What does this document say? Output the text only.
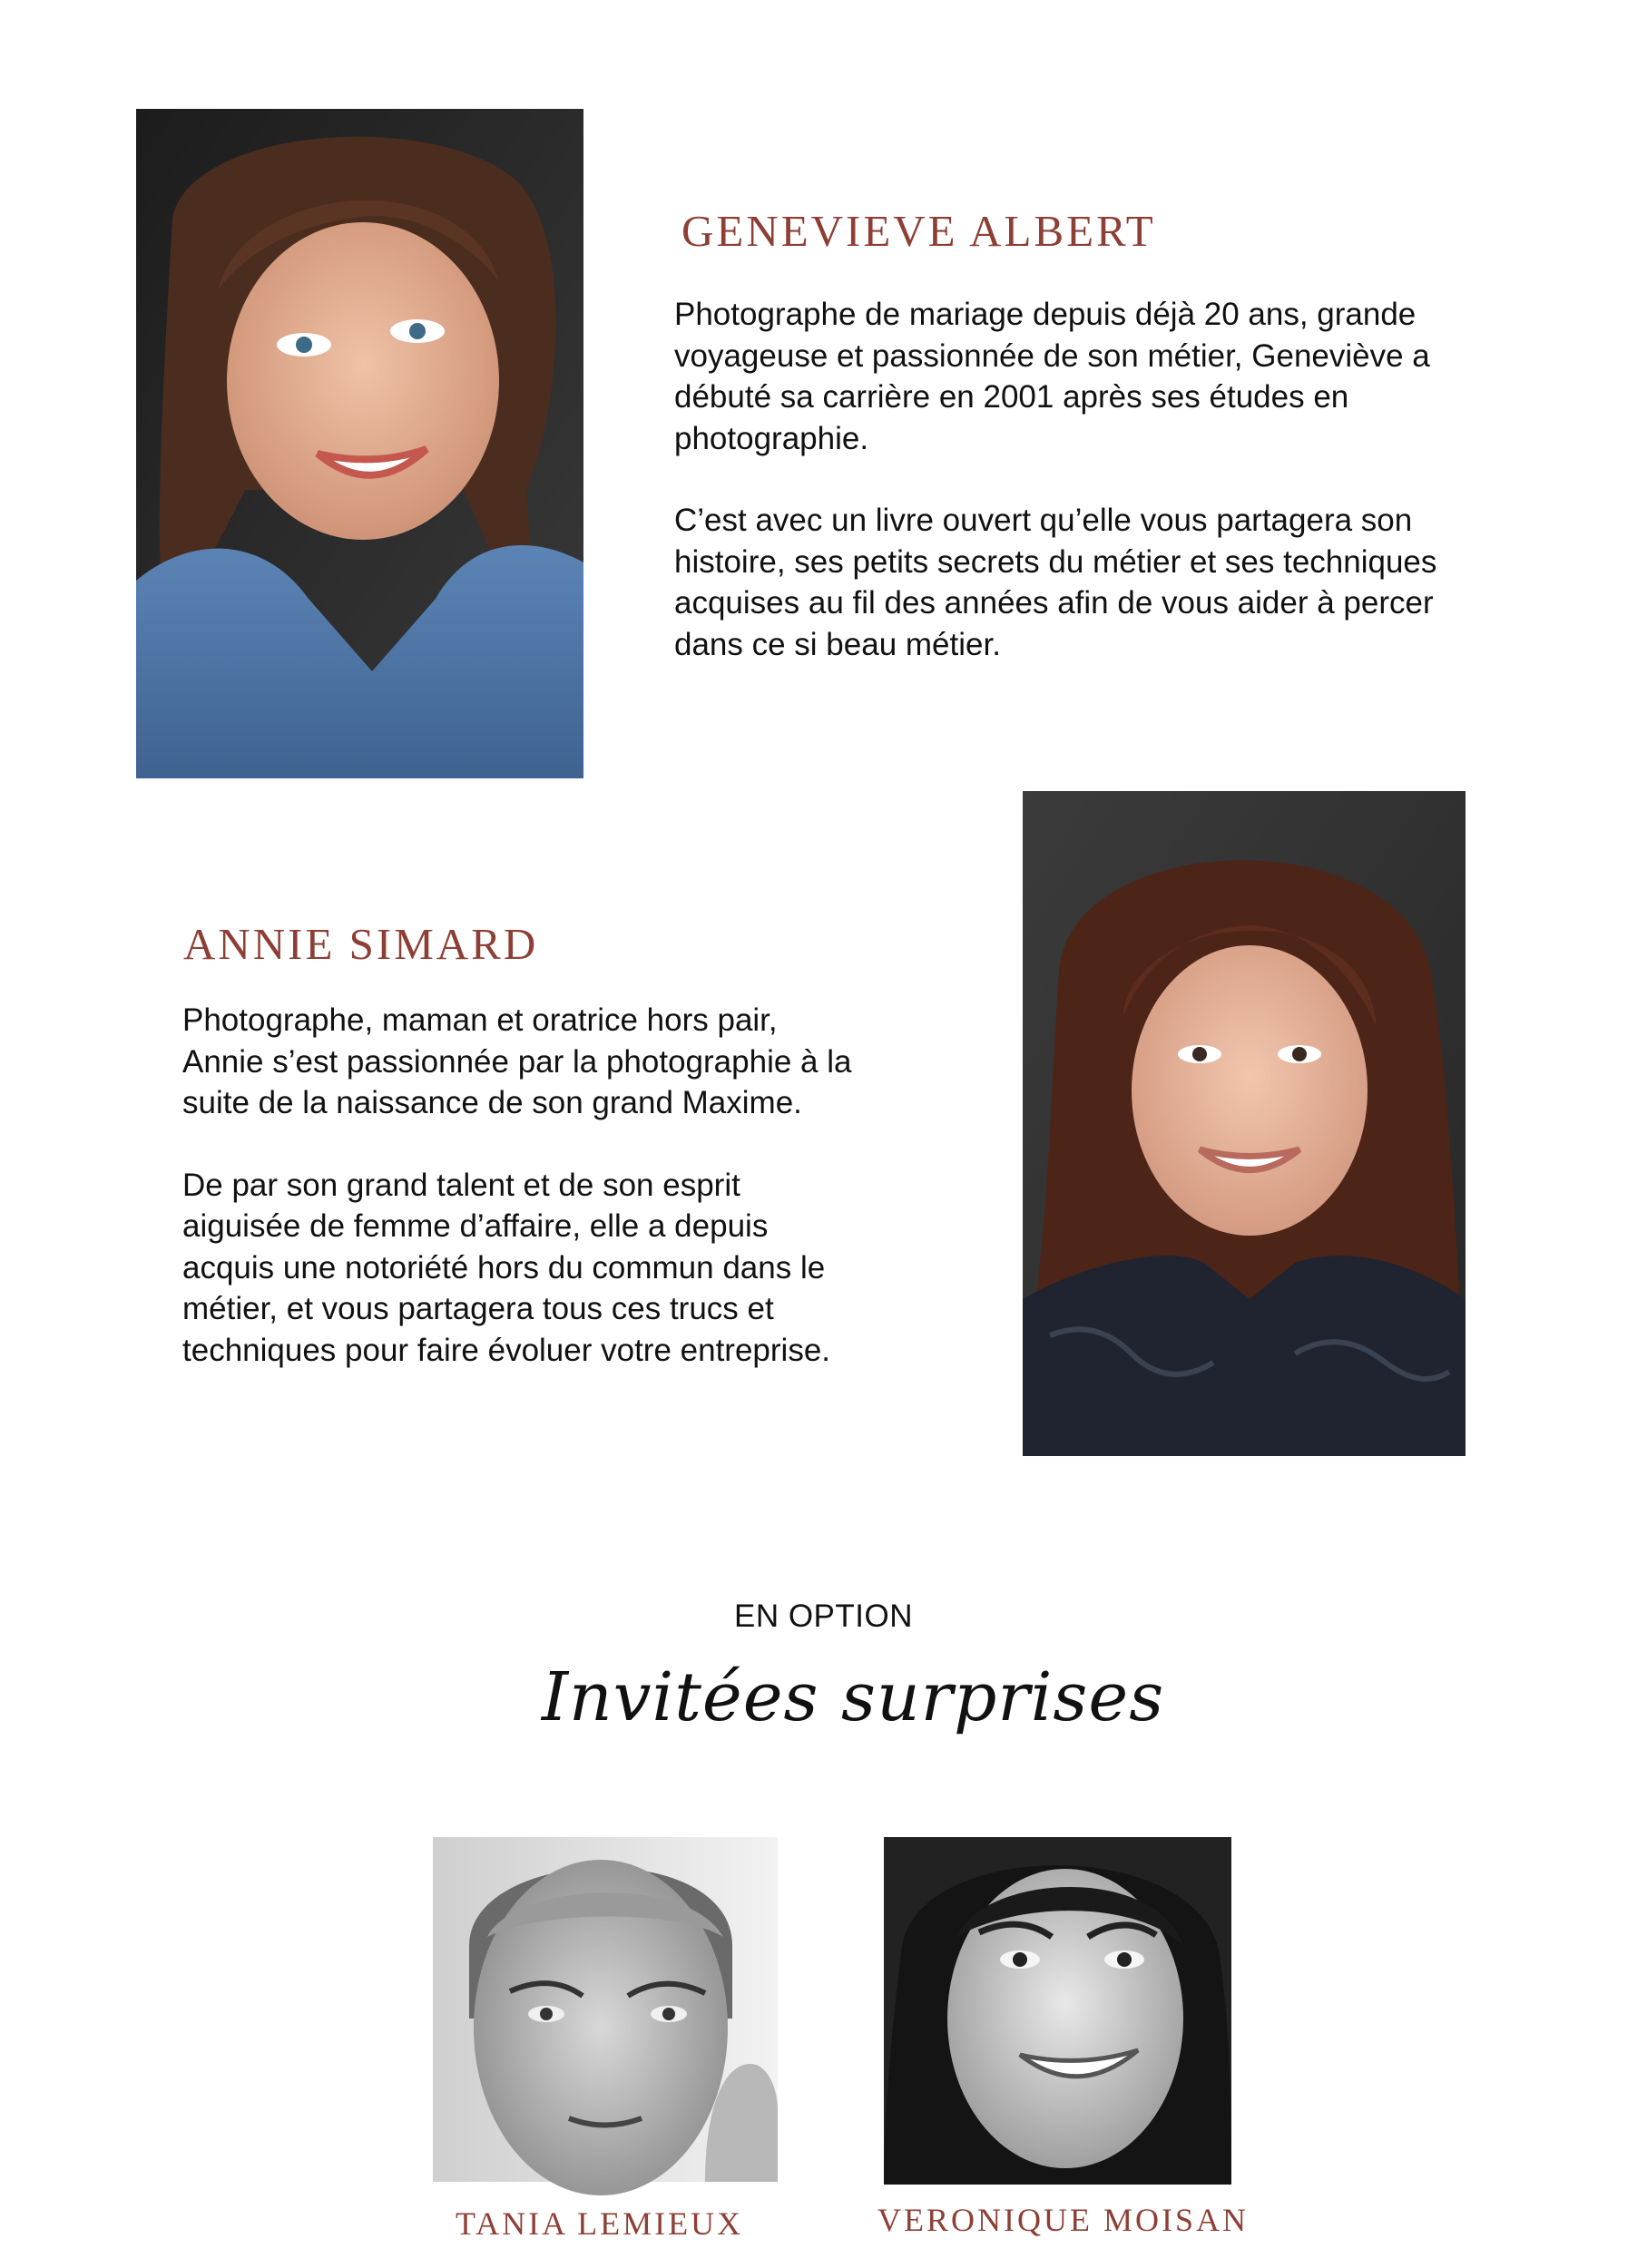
GENEVIEVE ALBERT

Photographe de mariage depuis déjà 20 ans, grande voyageuse et passionnée de son métier, Geneviève a débuté sa carrière en 2001 après ses études en photographie.

C’est avec un livre ouvert qu’elle vous partagera son histoire, ses petits secrets du métier et ses techniques acquises au fil des années afin de vous aider à percer dans ce si beau métier.

ANNIE SIMARD

Photographe, maman et oratrice hors pair, Annie s’est passionnée par la photographie à la suite de la naissance de son grand Maxime.

De par son grand talent et de son esprit aiguisée de femme d’affaire, elle a depuis acquis une notoriété hors du commun dans le métier, et vous partagera tous ces trucs et techniques pour faire évoluer votre entreprise.

EN OPTION
Invitées surprises
TANIA LEMIEUX	VERONIQUE MOISAN
